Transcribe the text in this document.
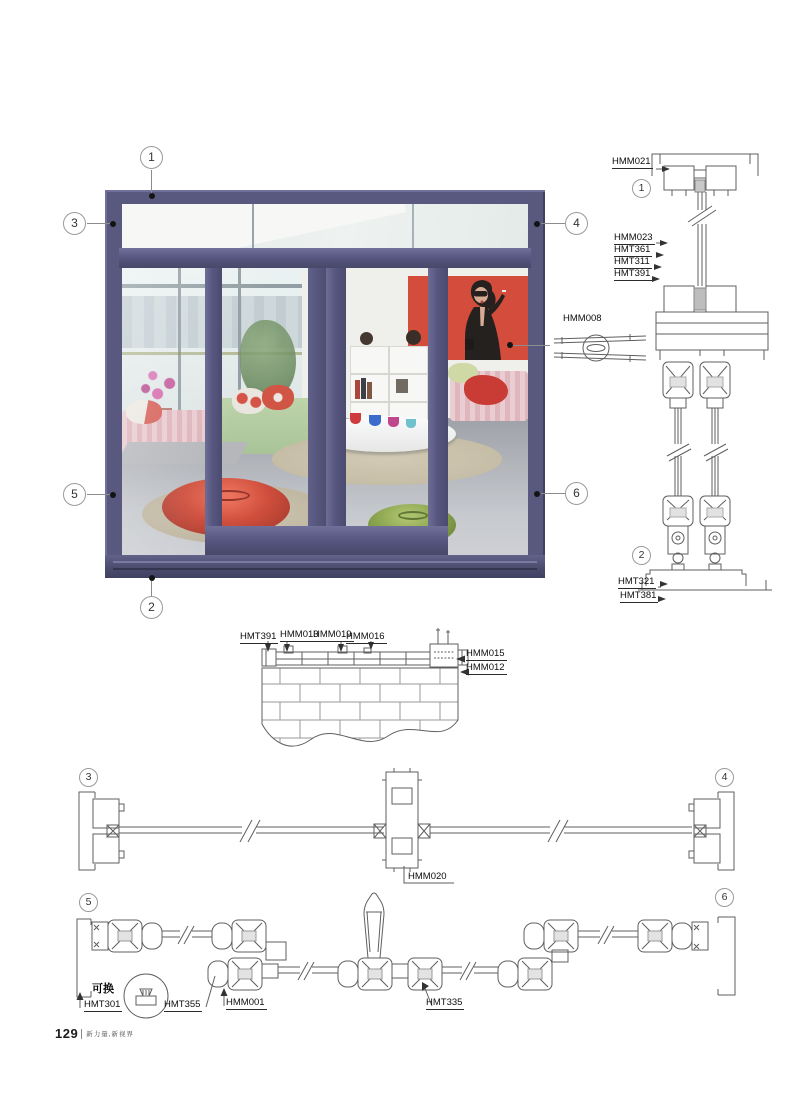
1
2
3	4
5	6
HMM008
1
2
HMM021
HMM023
HMT361
HMT311
HMT391
HMT321
HMT381
HMT391 HMM013
HMM019
HMM016
HMM015
HMM012
3	4
HMM020
5	6
可换
HMT301	HMT355	HMM001	HMT335
129 新力量,新视界
